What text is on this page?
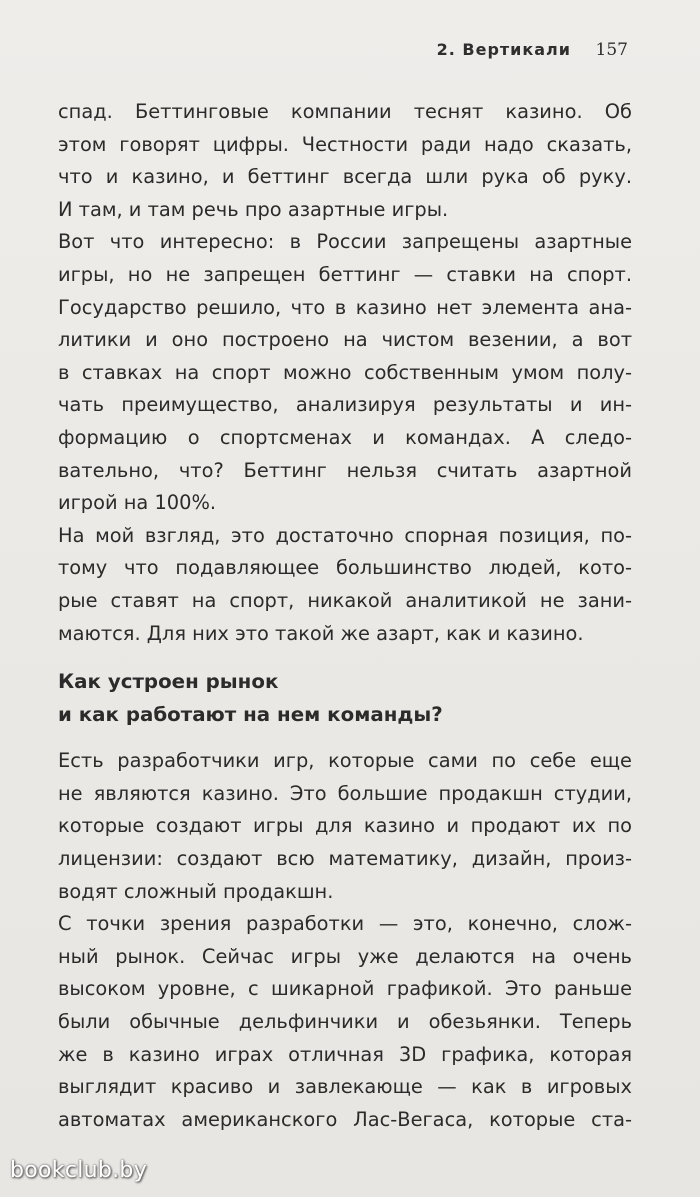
2. Вертикали 157
спад. Беттинговые компании теснят казино. Об
этом говорят цифры. Честности ради надо сказать,
что и казино, и беттинг всегда шли рука об руку.
И там, и там речь про азартные игры.
Вот что интересно: в России запрещены азартные
игры, но не запрещен беттинг — ставки на спорт.
Государство решило, что в казино нет элемента ана-
литики и оно построено на чистом везении, а вот
в ставках на спорт можно собственным умом полу-
чать преимущество, анализируя результаты и ин-
формацию о спортсменах и командах. А следо-
вательно, что? Беттинг нельзя считать азартной
игрой на 100%.
На мой взгляд, это достаточно спорная позиция, по-
тому что подавляющее большинство людей, кото-
рые ставят на спорт, никакой аналитикой не зани-
маются. Для них это такой же азарт, как и казино.
Как устроен рынок
и как работают на нем команды?
Есть разработчики игр, которые сами по себе еще
не являются казино. Это большие продакшн студии,
которые создают игры для казино и продают их по
лицензии: создают всю математику, дизайн, произ-
водят сложный продакшн.
С точки зрения разработки — это, конечно, слож-
ный рынок. Сейчас игры уже делаются на очень
высоком уровне, с шикарной графикой. Это раньше
были обычные дельфинчики и обезьянки. Теперь
же в казино играх отличная 3D графика, которая
выглядит красиво и завлекающе — как в игровых
автоматах американского Лас-Вегаса, которые ста-
bookclub.by
